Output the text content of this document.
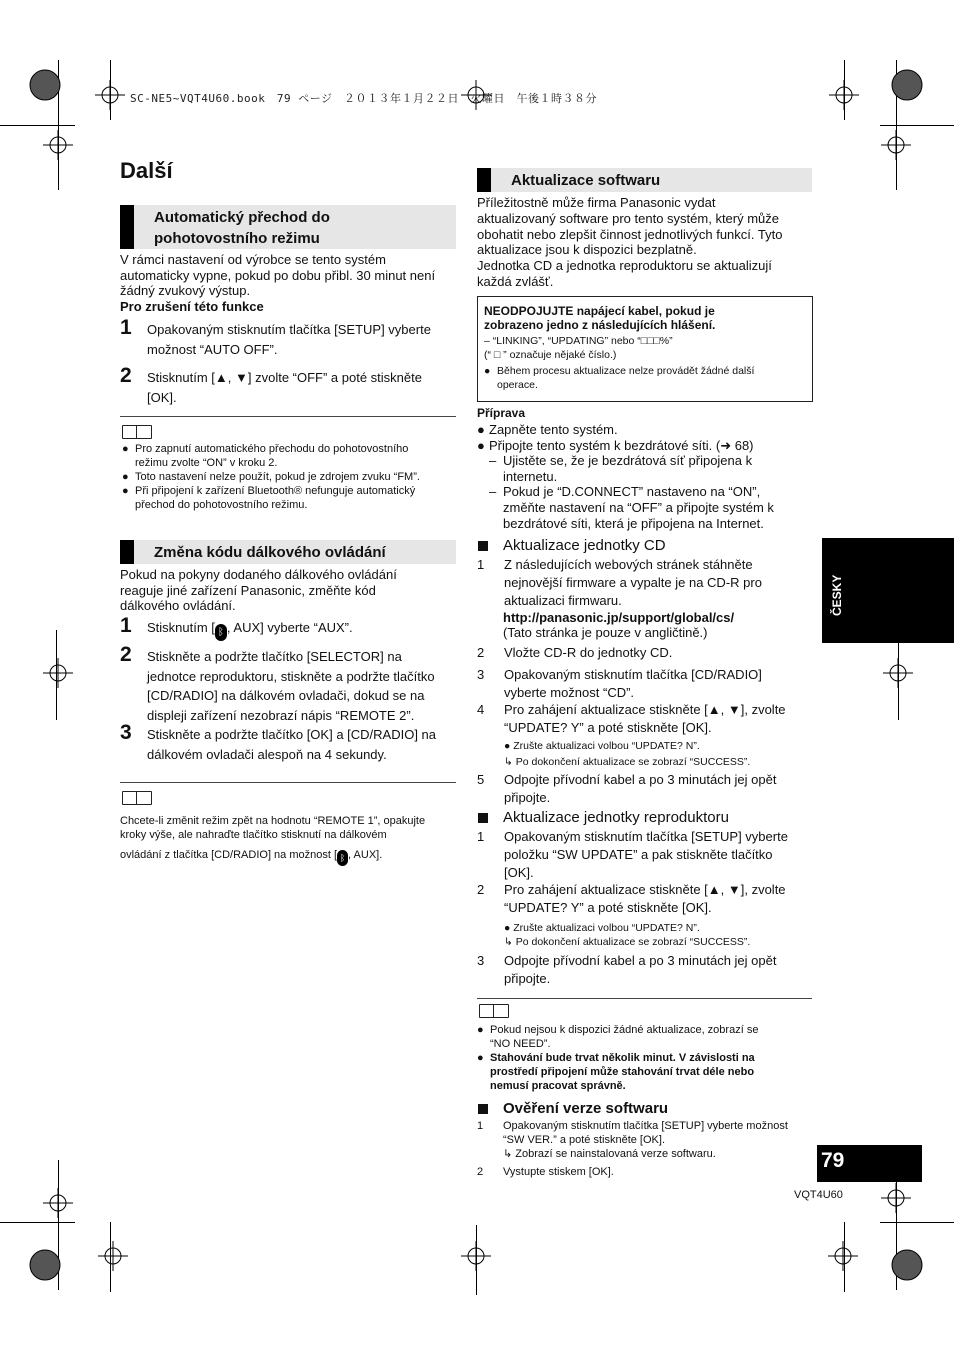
SC-NE5~VQT4U60.book　79 ページ　２０１３年１月２２日　火曜日　午後１時３８分
Další
Automatický přechod do
pohotovostního režimu
V rámci nastavení od výrobce se tento systém
automaticky vypne, pokud po dobu přibl. 30 minut není
žádný zvukový výstup.
Pro zrušení této funkce
1 Opakovaným stisknutím tlačítka [SETUP] vyberte
možnost “AUTO OFF”.
2 Stisknutím [▲, ▼] zvolte “OFF” a poté stiskněte
[OK].
● Pro zapnutí automatického přechodu do pohotovostního
režimu zvolte “ON” v kroku 2.
● Toto nastavení nelze použít, pokud je zdrojem zvuku “FM”.
● Při připojení k zařízení Bluetooth® nefunguje automatický
přechod do pohotovostního režimu.
Změna kódu dálkového ovládání
Pokud na pokyny dodaného dálkového ovládání
reaguje jiné zařízení Panasonic, změňte kód
dálkového ovládání.
1 Stisknutím [ ᛒ , AUX] vyberte “AUX”.
2 Stiskněte a podržte tlačítko [SELECTOR] na
jednotce reproduktoru, stiskněte a podržte tlačítko
[CD/RADIO] na dálkovém ovladači, dokud se na
displeji zařízení nezobrazí nápis “REMOTE 2”.
3 Stiskněte a podržte tlačítko [OK] a [CD/RADIO] na
dálkovém ovladači alespoň na 4 sekundy.
Chcete-li změnit režim zpět na hodnotu “REMOTE 1”, opakujte
kroky výše, ale nahraďte tlačítko stisknutí na dálkovém
ovládání z tlačítka [CD/RADIO] na možnost [ ᛒ , AUX].
Aktualizace softwaru
Příležitostně může firma Panasonic vydat
aktualizovaný software pro tento systém, který může
obohatit nebo zlepšit činnost jednotlivých funkcí. Tyto
aktualizace jsou k dispozici bezplatně.
Jednotka CD a jednotka reproduktoru se aktualizují
každá zvlášť.
NEODPOJUJTE napájecí kabel, pokud je
zobrazeno jedno z následujících hlášení.
– “LINKING”, “UPDATING” nebo “□□□%”
(“ □ ” označuje nějaké číslo.)
● Během procesu aktualizace nelze provádět žádné další
operace.
Příprava
● Zapněte tento systém.
● Připojte tento systém k bezdrátové síti. (➜ 68)
– Ujistěte se, že je bezdrátová síť připojena k
internetu.
– Pokud je “D.CONNECT” nastaveno na “ON”,
změňte nastavení na “OFF” a připojte systém k
bezdrátové síti, která je připojena na Internet.
Aktualizace jednotky CD
1 Z následujících webových stránek stáhněte
nejnovější firmware a vypalte je na CD-R pro
aktualizaci firmwaru.
http://panasonic.jp/support/global/cs/
(Tato stránka je pouze v angličtině.)
2 Vložte CD-R do jednotky CD.
3 Opakovaným stisknutím tlačítka [CD/RADIO]
vyberte možnost “CD”.
4 Pro zahájení aktualizace stiskněte [▲, ▼], zvolte
“UPDATE? Y” a poté stiskněte [OK].
● Zrušte aktualizaci volbou “UPDATE? N”.
↳ Po dokončení aktualizace se zobrazí “SUCCESS”.
5 Odpojte přívodní kabel a po 3 minutách jej opět
připojte.
Aktualizace jednotky reproduktoru
1 Opakovaným stisknutím tlačítka [SETUP] vyberte
položku “SW UPDATE” a pak stiskněte tlačítko
[OK].
2 Pro zahájení aktualizace stiskněte [▲, ▼], zvolte
“UPDATE? Y” a poté stiskněte [OK].
● Zrušte aktualizaci volbou “UPDATE? N”.
↳ Po dokončení aktualizace se zobrazí “SUCCESS”.
3 Odpojte přívodní kabel a po 3 minutách jej opět
připojte.
● Pokud nejsou k dispozici žádné aktualizace, zobrazí se
“NO NEED”.
● Stahování bude trvat několik minut. V závislosti na
prostředí připojení může stahování trvat déle nebo
nemusí pracovat správně.
Ověření verze softwaru
1 Opakovaným stisknutím tlačítka [SETUP] vyberte možnost
“SW VER.” a poté stiskněte [OK].
↳ Zobrazí se nainstalovaná verze softwaru.
2 Vystupte stiskem [OK].
ČESKY
79
VQT4U60
